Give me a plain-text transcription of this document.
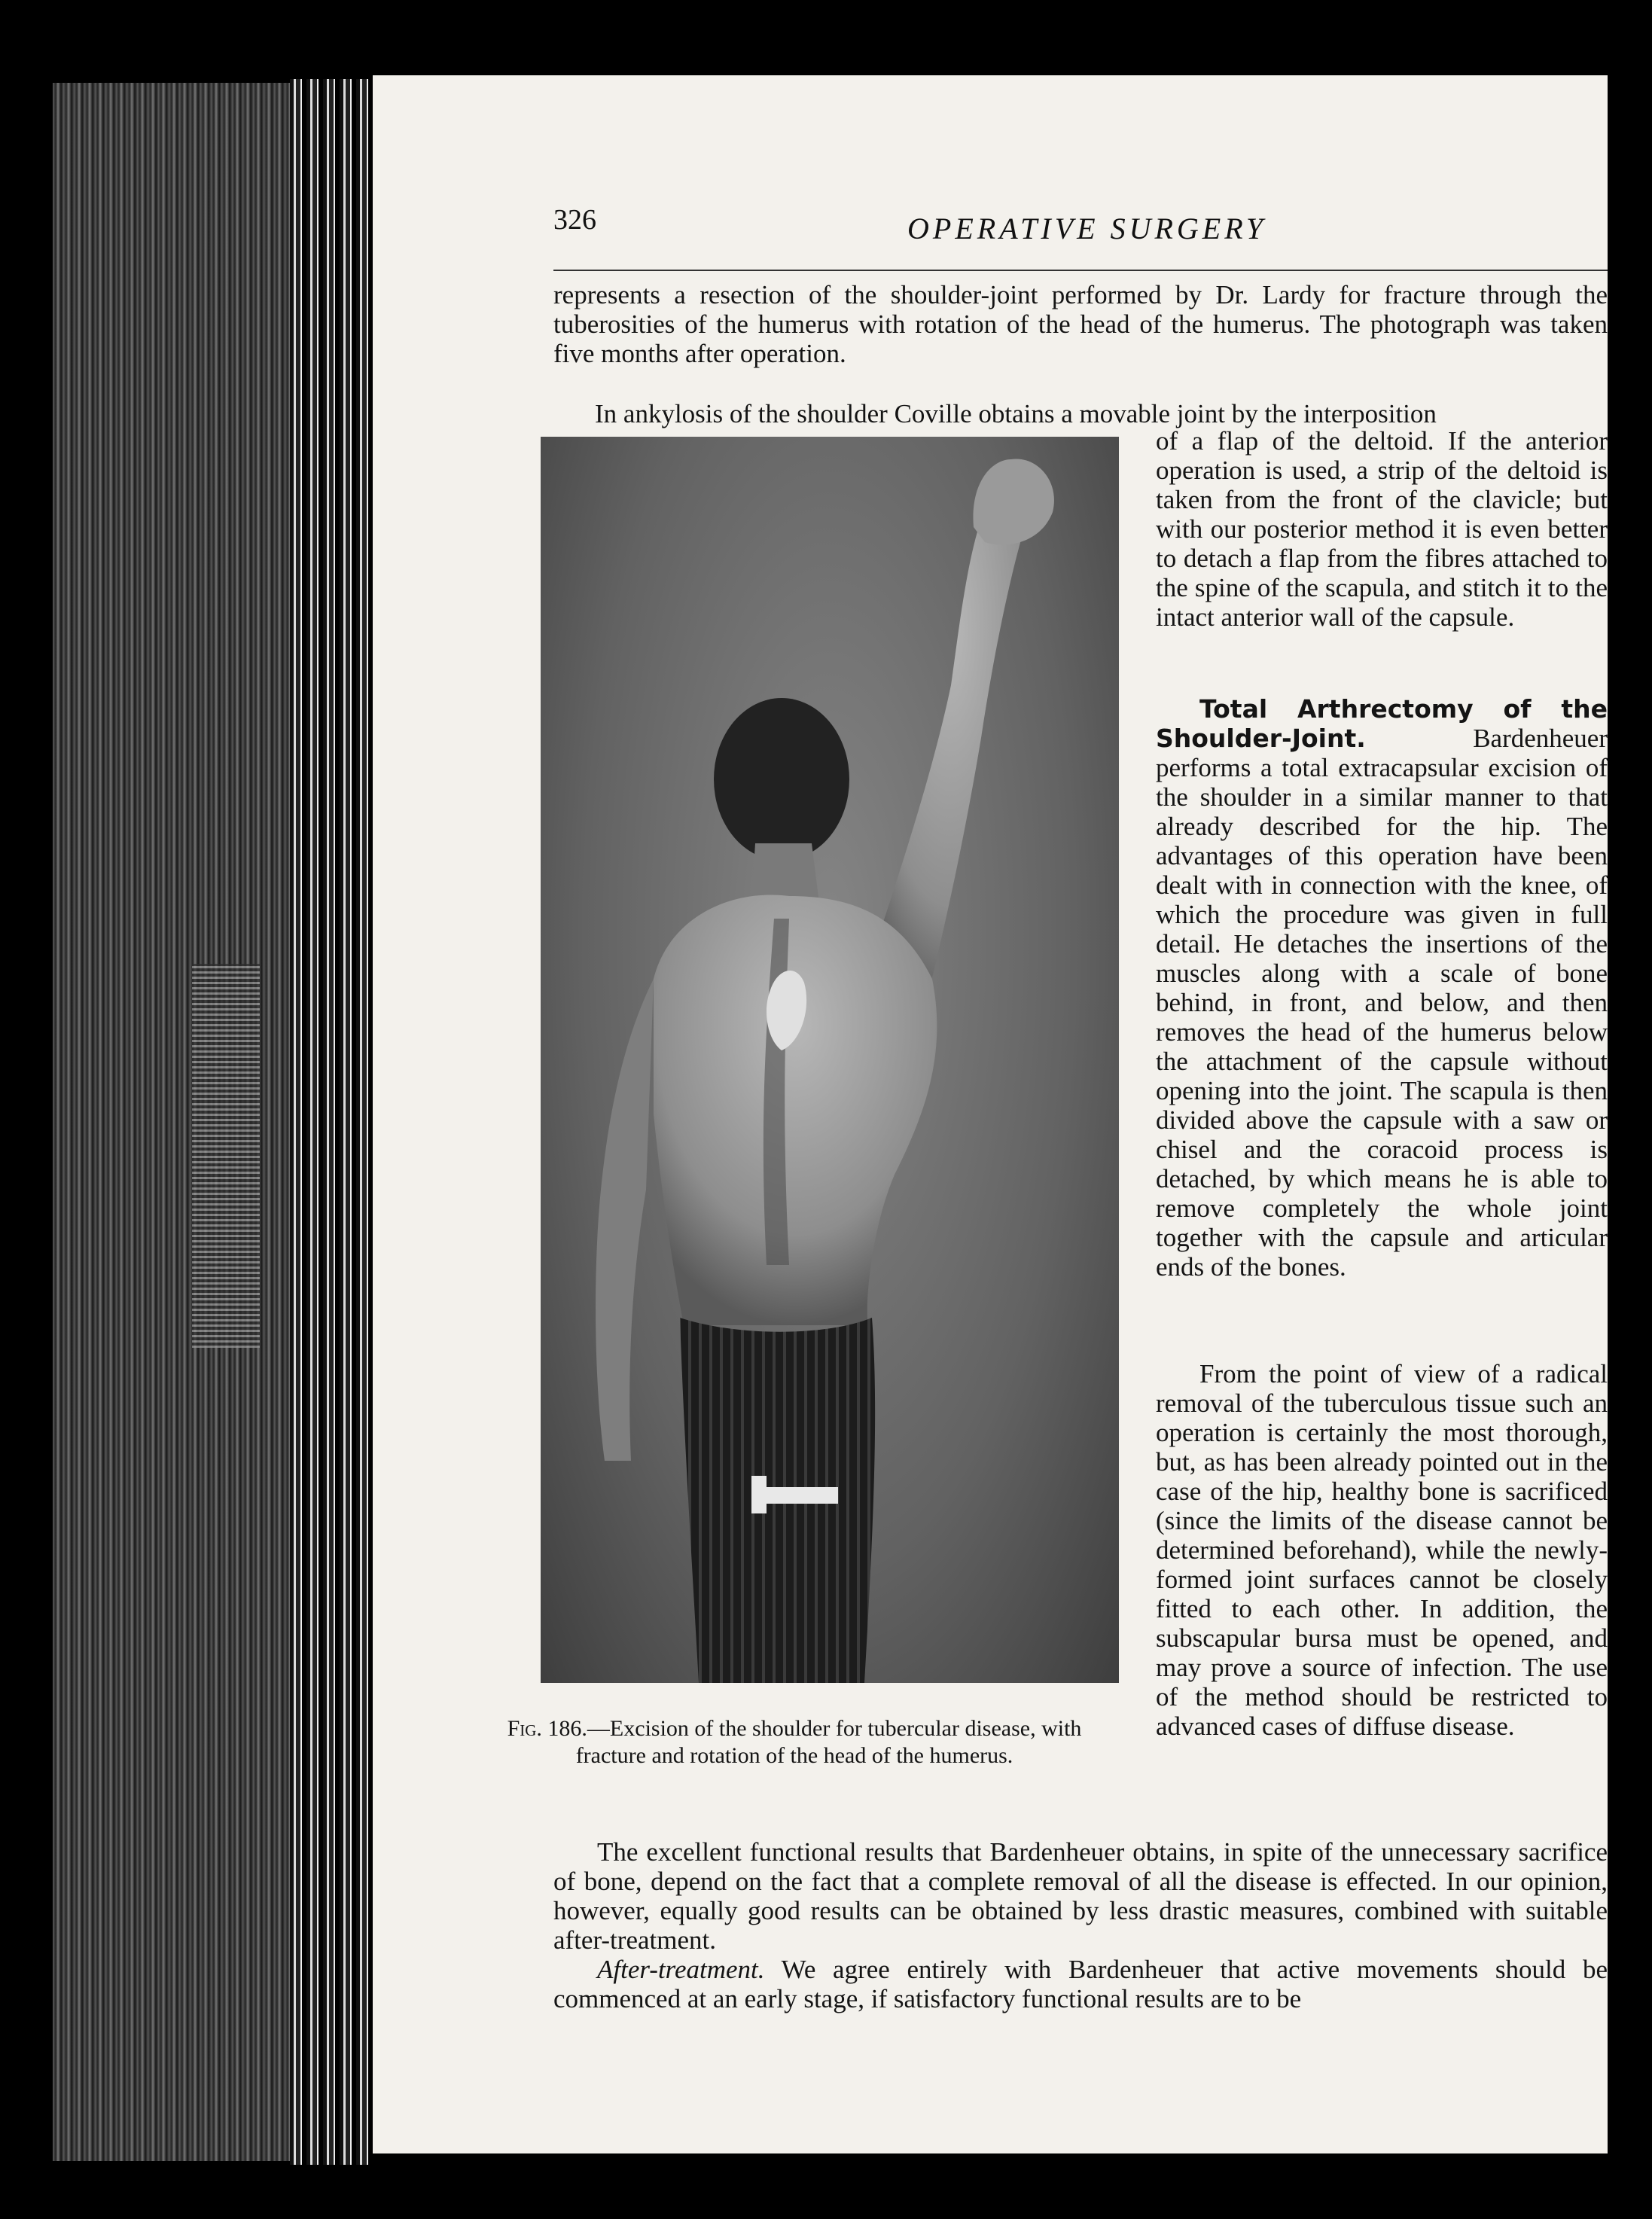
326	OPERATIVE SURGERY

represents a resection of the shoulder-joint performed by Dr. Lardy for fracture through the tuberosities of the humerus with rotation of the head of the humerus. The photograph was taken five months after operation.

In ankylosis of the shoulder Coville obtains a movable joint by the interposition

of a flap of the deltoid. If the anterior operation is used, a strip of the deltoid is taken from the front of the clavicle; but with our posterior method it is even better to detach a flap from the fibres attached to the spine of the scapula, and stitch it to the intact anterior wall of the capsule.

Total Arthrectomy of the Shoulder-Joint.	Bardenheuer performs a total extracapsular excision of the shoulder in a similar manner to that already described for the hip. The advantages of this operation have been dealt with in connection with the knee, of which the procedure was given in full detail. He detaches the insertions of the muscles along with a scale of bone behind, in front, and below, and then removes the head of the humerus below the attachment of the capsule without opening into the joint. The scapula is then divided above the capsule with a saw or chisel and the coracoid process is detached, by which means he is able to remove completely the whole joint together with the capsule and articular ends of the bones.

From the point of view of a radical removal of the tuberculous tissue such an operation is certainly the most thorough, but, as has been already pointed out in the case of the hip, healthy bone is sacrificed (since the limits of the disease cannot be determined beforehand), while the newly-formed joint surfaces cannot be closely fitted to each other. In addition, the subscapular bursa must be opened, and may prove a source of infection. The use of the method should be restricted to advanced cases of diffuse disease.

The excellent functional results that Bardenheuer obtains, in spite of the unnecessary sacrifice of bone, depend on the fact that a complete removal of all the disease is effected. In our opinion, however, equally good results can be obtained by less drastic measures, combined with suitable after-treatment.

After-treatment. We agree entirely with Bardenheuer that active movements should be commenced at an early stage, if satisfactory functional results are to be

Fig. 186.—Excision of the shoulder for tubercular disease, with fracture and rotation of the head of the humerus.
